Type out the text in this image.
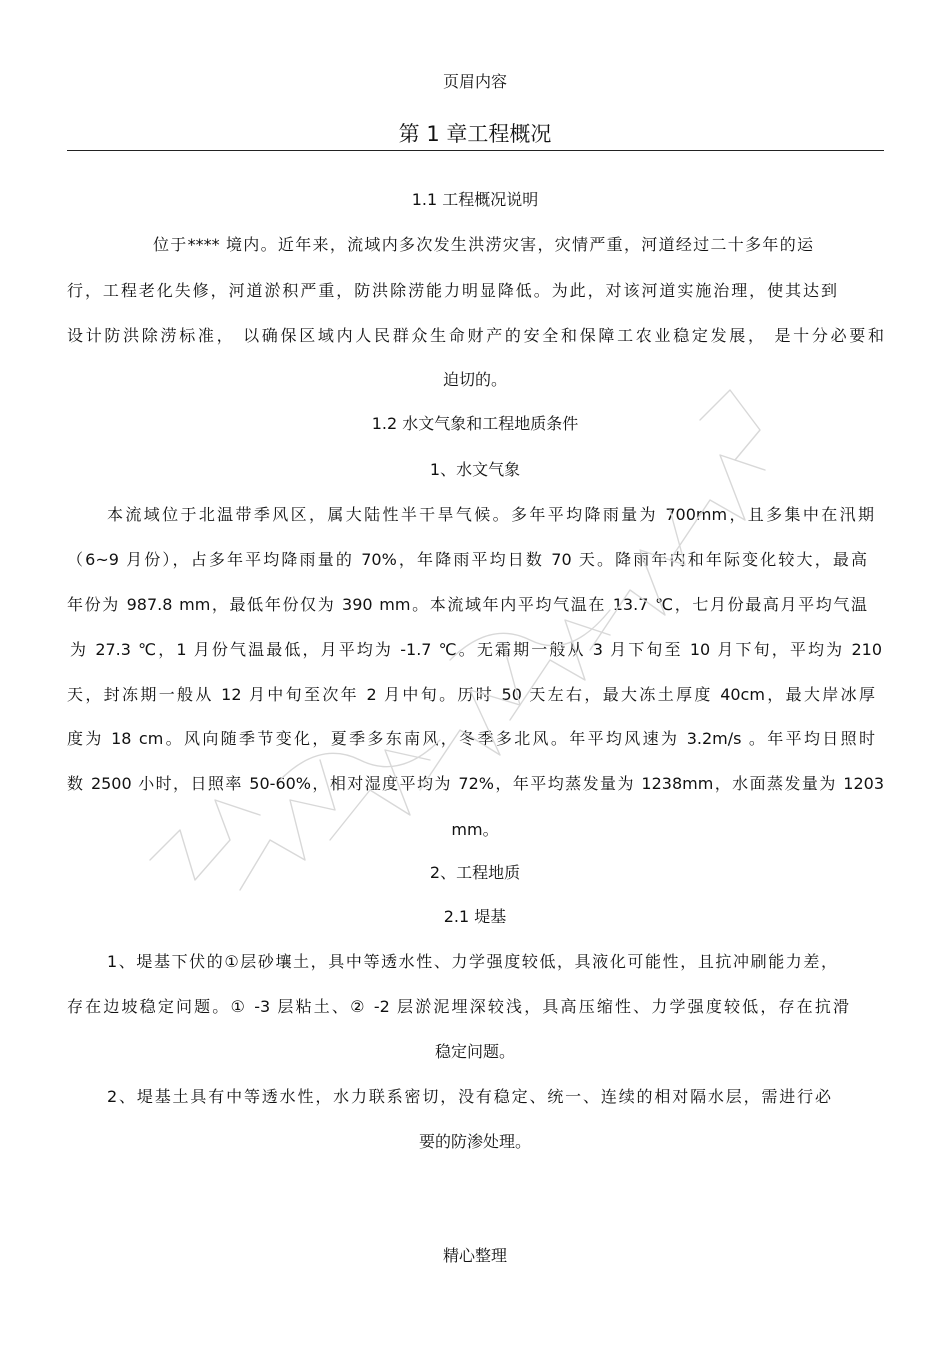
页眉内容
第 1 章工程概况
1.1 工程概况说明
位于**** 境内。近年来，流域内多次发生洪涝灾害，灾情严重，河道经过二十多年的运
行，工程老化失修，河道淤积严重，防洪除涝能力明显降低。为此，对该河道实施治理，使其达到
设计防洪除涝标准， 以确保区域内人民群众生命财产的安全和保障工农业稳定发展， 是十分必要和
迫切的。
1.2 水文气象和工程地质条件
1、水文气象
本流域位于北温带季风区，属大陆性半干旱气候。多年平均降雨量为 700mm，且多集中在汛期
（6~9 月份），占多年平均降雨量的 70%，年降雨平均日数 70 天。降雨年内和年际变化较大，最高
年份为 987.8 mm，最低年份仅为 390 mm。本流域年内平均气温在 13.7 ℃，七月份最高月平均气温
为 27.3 ℃，1 月份气温最低，月平均为 -1.7 ℃。无霜期一般从 3 月下旬至 10 月下旬，平均为 210
天，封冻期一般从 12 月中旬至次年 2 月中旬。历时 50 天左右，最大冻土厚度 40cm，最大岸冰厚
度为 18 cm。风向随季节变化，夏季多东南风，冬季多北风。年平均风速为 3.2m/s 。年平均日照时
数 2500 小时，日照率 50-60%，相对湿度平均为 72%，年平均蒸发量为 1238mm，水面蒸发量为 1203
mm。
2、工程地质
2.1 堤基
1、堤基下伏的①层砂壤土，具中等透水性、力学强度较低，具液化可能性，且抗冲刷能力差，
存在边坡稳定问题。① -3 层粘土、② -2 层淤泥埋深较浅，具高压缩性、力学强度较低，存在抗滑
稳定问题。
2、堤基土具有中等透水性，水力联系密切，没有稳定、统一、连续的相对隔水层，需进行必
要的防渗处理。
精心整理
